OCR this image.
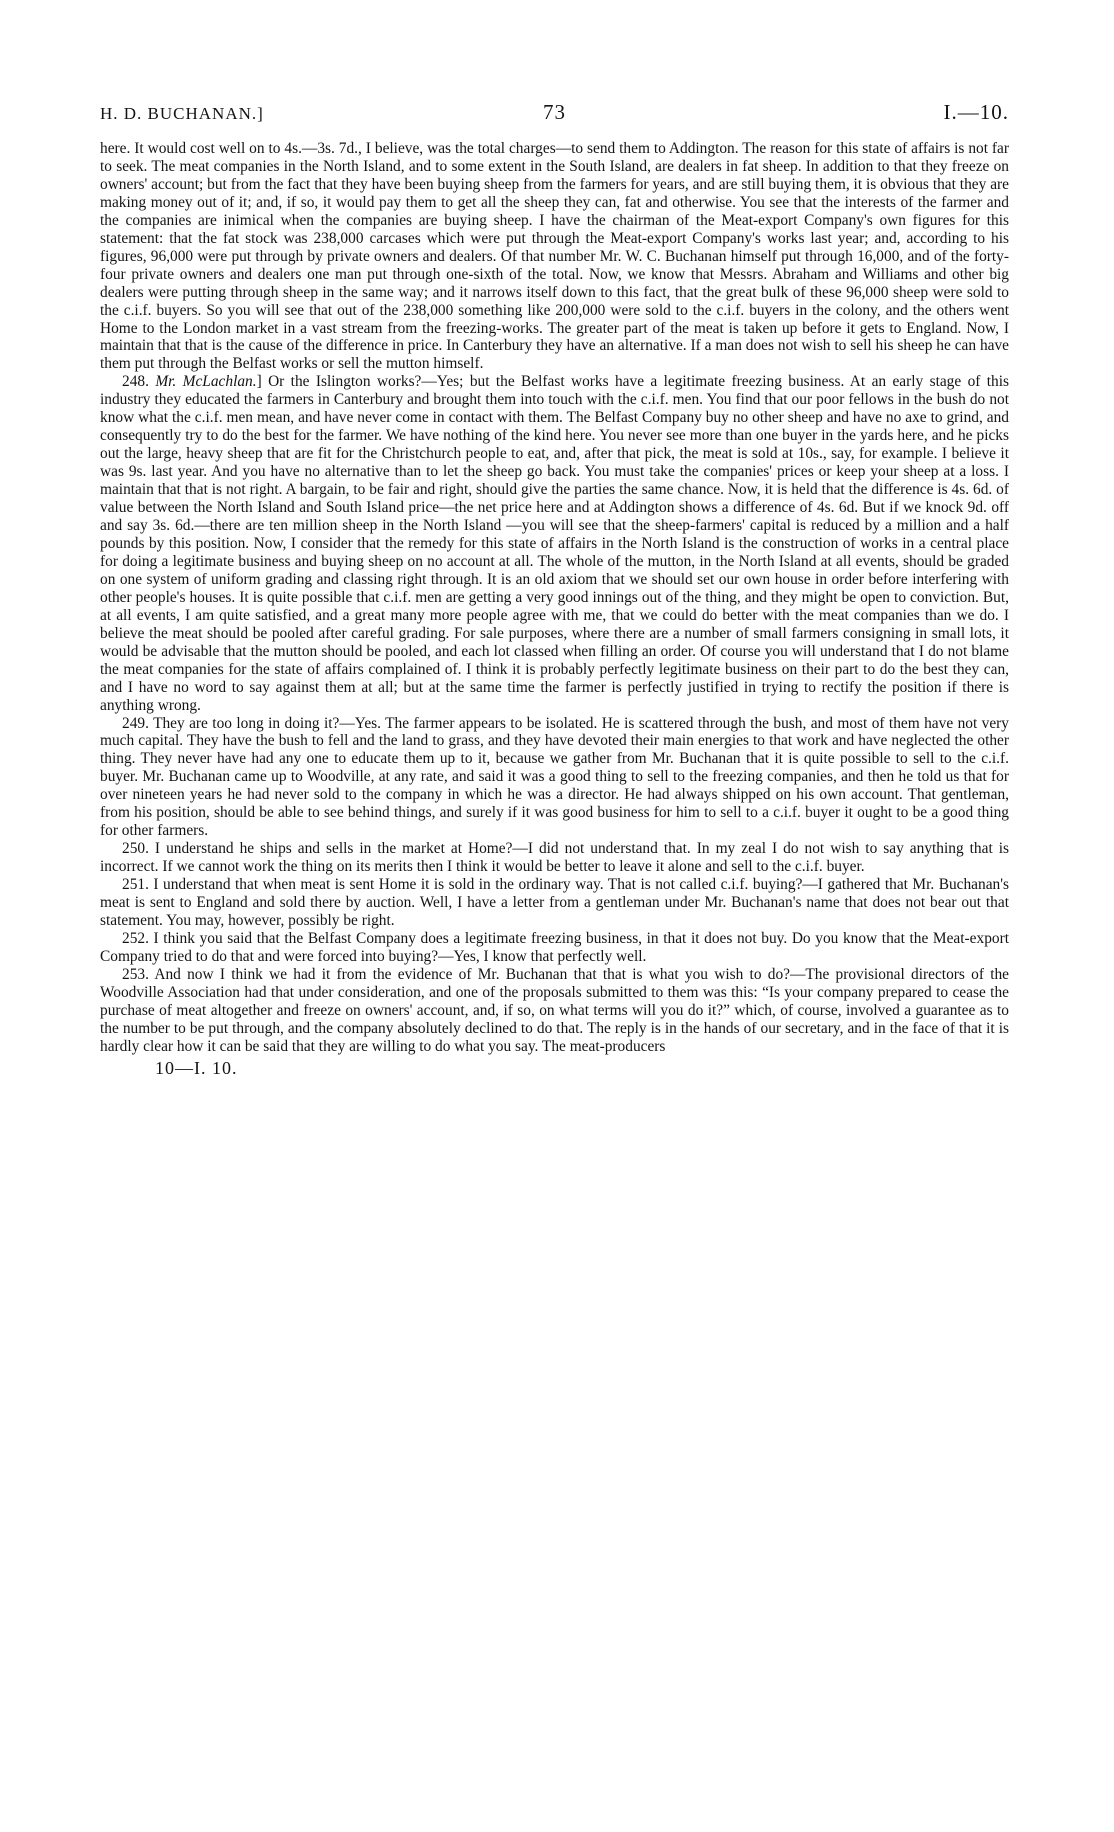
H. D. BUCHANAN.]	73	I.—10.

here. It would cost well on to 4s.—3s. 7d., I believe, was the total charges—to send them to Addington. The reason for this state of affairs is not far to seek. The meat companies in the North Island, and to some extent in the South Island, are dealers in fat sheep. In addition to that they freeze on owners' account; but from the fact that they have been buying sheep from the farmers for years, and are still buying them, it is obvious that they are making money out of it; and, if so, it would pay them to get all the sheep they can, fat and otherwise. You see that the interests of the farmer and the companies are inimical when the companies are buying sheep. I have the chairman of the Meat-export Company's own figures for this statement: that the fat stock was 238,000 carcases which were put through the Meat-export Company's works last year; and, according to his figures, 96,000 were put through by private owners and dealers. Of that number Mr. W. C. Buchanan himself put through 16,000, and of the forty-four private owners and dealers one man put through one-sixth of the total. Now, we know that Messrs. Abraham and Williams and other big dealers were putting through sheep in the same way; and it narrows itself down to this fact, that the great bulk of these 96,000 sheep were sold to the c.i.f. buyers. So you will see that out of the 238,000 something like 200,000 were sold to the c.i.f. buyers in the colony, and the others went Home to the London market in a vast stream from the freezing-works. The greater part of the meat is taken up before it gets to England. Now, I maintain that that is the cause of the difference in price. In Canterbury they have an alternative. If a man does not wish to sell his sheep he can have them put through the Belfast works or sell the mutton himself.

248. Mr. McLachlan.] Or the Islington works?—Yes; but the Belfast works have a legitimate freezing business. At an early stage of this industry they educated the farmers in Canterbury and brought them into touch with the c.i.f. men. You find that our poor fellows in the bush do not know what the c.i.f. men mean, and have never come in contact with them. The Belfast Company buy no other sheep and have no axe to grind, and consequently try to do the best for the farmer. We have nothing of the kind here. You never see more than one buyer in the yards here, and he picks out the large, heavy sheep that are fit for the Christchurch people to eat, and, after that pick, the meat is sold at 10s., say, for example. I believe it was 9s. last year. And you have no alternative than to let the sheep go back. You must take the companies' prices or keep your sheep at a loss. I maintain that that is not right. A bargain, to be fair and right, should give the parties the same chance. Now, it is held that the difference is 4s. 6d. of value between the North Island and South Island price—the net price here and at Addington shows a difference of 4s. 6d. But if we knock 9d. off and say 3s. 6d.—there are ten million sheep in the North Island —you will see that the sheep-farmers' capital is reduced by a million and a half pounds by this position. Now, I consider that the remedy for this state of affairs in the North Island is the construction of works in a central place for doing a legitimate business and buying sheep on no account at all. The whole of the mutton, in the North Island at all events, should be graded on one system of uniform grading and classing right through. It is an old axiom that we should set our own house in order before interfering with other people's houses. It is quite possible that c.i.f. men are getting a very good innings out of the thing, and they might be open to conviction. But, at all events, I am quite satisfied, and a great many more people agree with me, that we could do better with the meat companies than we do. I believe the meat should be pooled after careful grading. For sale purposes, where there are a number of small farmers consigning in small lots, it would be advisable that the mutton should be pooled, and each lot classed when filling an order. Of course you will understand that I do not blame the meat companies for the state of affairs complained of. I think it is probably perfectly legitimate business on their part to do the best they can, and I have no word to say against them at all; but at the same time the farmer is perfectly justified in trying to rectify the position if there is anything wrong.

249. They are too long in doing it?—Yes. The farmer appears to be isolated. He is scattered through the bush, and most of them have not very much capital. They have the bush to fell and the land to grass, and they have devoted their main energies to that work and have neglected the other thing. They never have had any one to educate them up to it, because we gather from Mr. Buchanan that it is quite possible to sell to the c.i.f. buyer. Mr. Buchanan came up to Woodville, at any rate, and said it was a good thing to sell to the freezing companies, and then he told us that for over nineteen years he had never sold to the company in which he was a director. He had always shipped on his own account. That gentleman, from his position, should be able to see behind things, and surely if it was good business for him to sell to a c.i.f. buyer it ought to be a good thing for other farmers.

250. I understand he ships and sells in the market at Home?—I did not understand that. In my zeal I do not wish to say anything that is incorrect. If we cannot work the thing on its merits then I think it would be better to leave it alone and sell to the c.i.f. buyer.

251. I understand that when meat is sent Home it is sold in the ordinary way. That is not called c.i.f. buying?—I gathered that Mr. Buchanan's meat is sent to England and sold there by auction. Well, I have a letter from a gentleman under Mr. Buchanan's name that does not bear out that statement. You may, however, possibly be right.

252. I think you said that the Belfast Company does a legitimate freezing business, in that it does not buy. Do you know that the Meat-export Company tried to do that and were forced into buying?—Yes, I know that perfectly well.

253. And now I think we had it from the evidence of Mr. Buchanan that that is what you wish to do?—The provisional directors of the Woodville Association had that under consideration, and one of the proposals submitted to them was this: “Is your company prepared to cease the purchase of meat altogether and freeze on owners' account, and, if so, on what terms will you do it?” which, of course, involved a guarantee as to the number to be put through, and the company absolutely declined to do that. The reply is in the hands of our secretary, and in the face of that it is hardly clear how it can be said that they are willing to do what you say. The meat-producers

10—I. 10.
